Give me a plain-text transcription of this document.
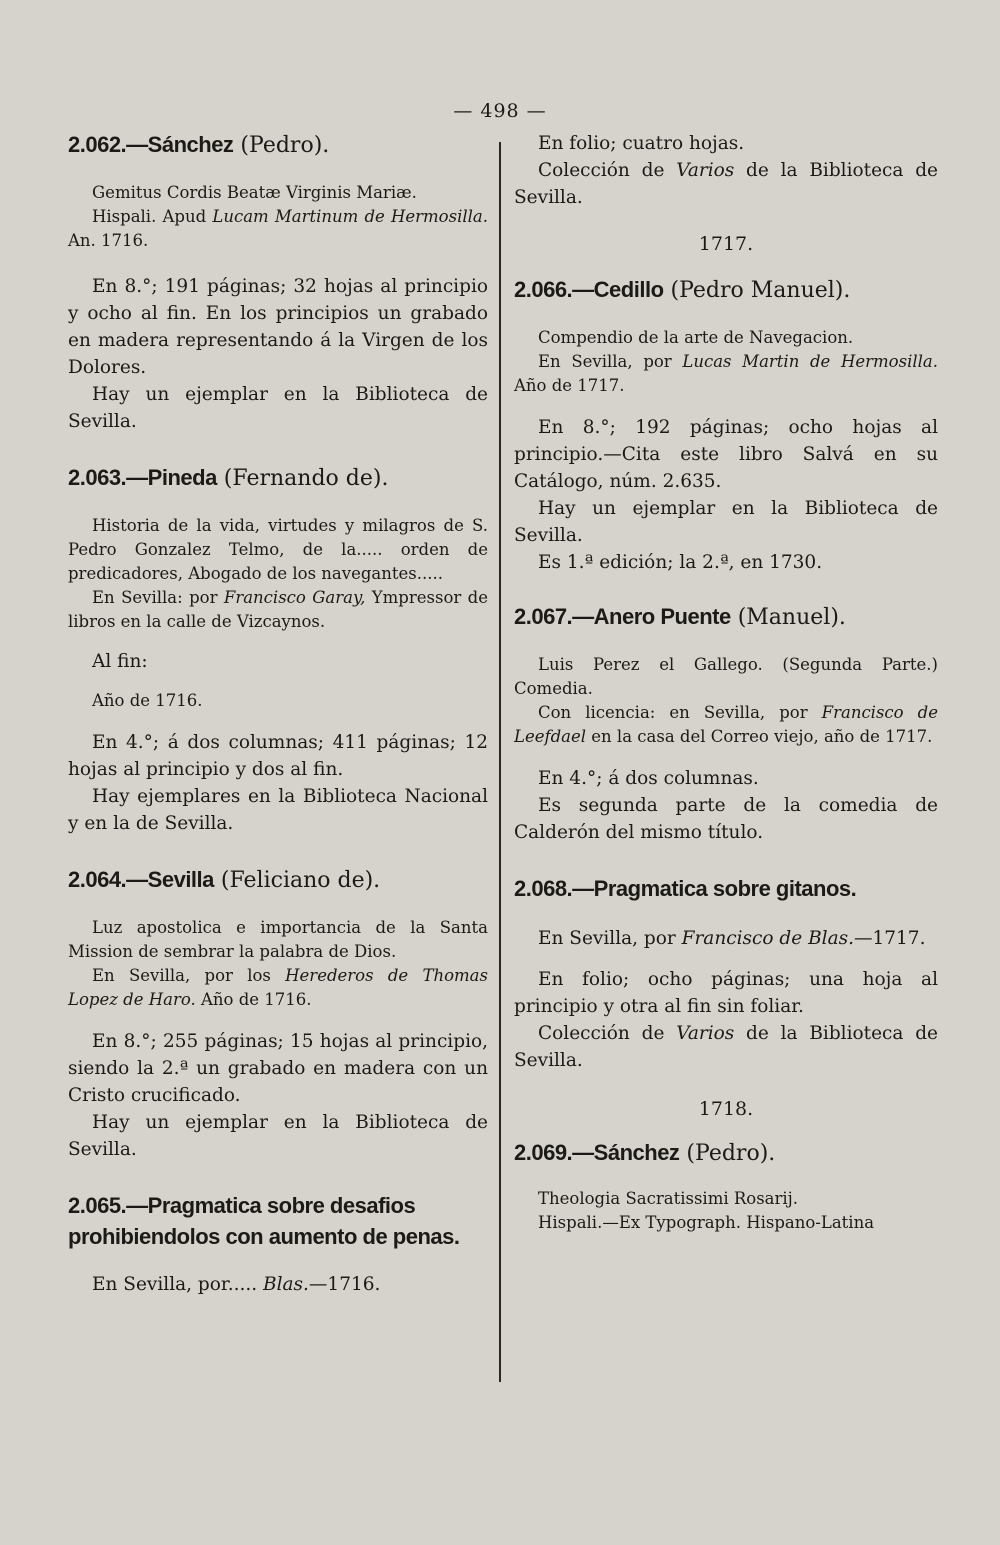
— 498 —

2.062.—Sánchez (Pedro).

Gemitus Cordis Beatæ Virginis Mariæ.

Hispali. Apud Lucam Martinum de Hermosilla. An. 1716.

En 8.°; 191 páginas; 32 hojas al principio y ocho al fin. En los principios un grabado en madera representando á la Virgen de los Dolores.

Hay un ejemplar en la Biblioteca de Sevilla.

2.063.—Pineda (Fernando de).

Historia de la vida, virtudes y milagros de S. Pedro Gonzalez Telmo, de la..... orden de predicadores, Abogado de los navegantes.....

En Sevilla: por Francisco Garay, Ympressor de libros en la calle de Vizcaynos.

Al fin:

Año de 1716.

En 4.°; á dos columnas; 411 páginas; 12 hojas al principio y dos al fin.

Hay ejemplares en la Biblioteca Nacional y en la de Sevilla.

2.064.—Sevilla (Feliciano de).

Luz apostolica e importancia de la Santa Mission de sembrar la palabra de Dios.

En Sevilla, por los Herederos de Thomas Lopez de Haro. Año de 1716.

En 8.°; 255 páginas; 15 hojas al principio, siendo la 2.ª un grabado en madera con un Cristo crucificado.

Hay un ejemplar en la Biblioteca de Sevilla.

2.065.—Pragmatica sobre desafios prohibiendolos con aumento de penas.

En Sevilla, por..... Blas.—1716.

En folio; cuatro hojas.

Colección de Varios de la Biblioteca de Sevilla.

1717.

2.066.—Cedillo (Pedro Manuel).

Compendio de la arte de Navegacion.

En Sevilla, por Lucas Martin de Hermosilla. Año de 1717.

En 8.°; 192 páginas; ocho hojas al principio.—Cita este libro Salvá en su Catálogo, núm. 2.635.

Hay un ejemplar en la Biblioteca de Sevilla.

Es 1.ª edición; la 2.ª, en 1730.

2.067.—Anero Puente (Manuel).

Luis Perez el Gallego. (Segunda Parte.) Comedia.

Con licencia: en Sevilla, por Francisco de Leefdael en la casa del Correo viejo, año de 1717.

En 4.°; á dos columnas.

Es segunda parte de la comedia de Calderón del mismo título.

2.068.—Pragmatica sobre gitanos.

En Sevilla, por Francisco de Blas.—1717.

En folio; ocho páginas; una hoja al principio y otra al fin sin foliar.

Colección de Varios de la Biblioteca de Sevilla.

1718.

2.069.—Sánchez (Pedro).

Theologia Sacratissimi Rosarij.

Hispali.—Ex Typograph. Hispano-Latina
